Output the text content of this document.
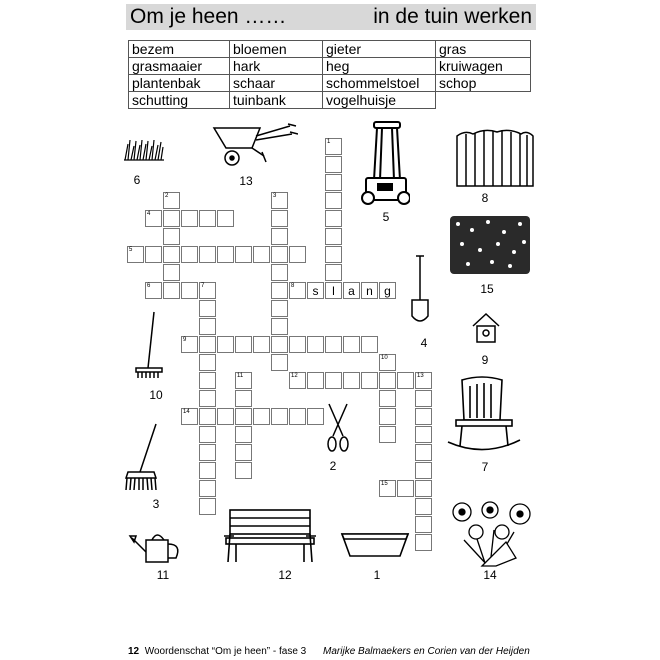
Om je heen ……	in de tuin werken
bezem	bloemen	gieter	gras
grasmaaier	hark	heg	kruiwagen
plantenbak	schaar	schommelstoel	schop
schutting	tuinbank	vogelhuisje	
1
l
4
2	3
5
6	7	8	s	a n g
9
10
11	12	13
14
15
6	13
5
8
15
4
9
10
2	7
3
11	12	1	14
12 Woordenschat “Om je heen” - fase 3 Marijke Balmaekers en Corien van der Heijden
